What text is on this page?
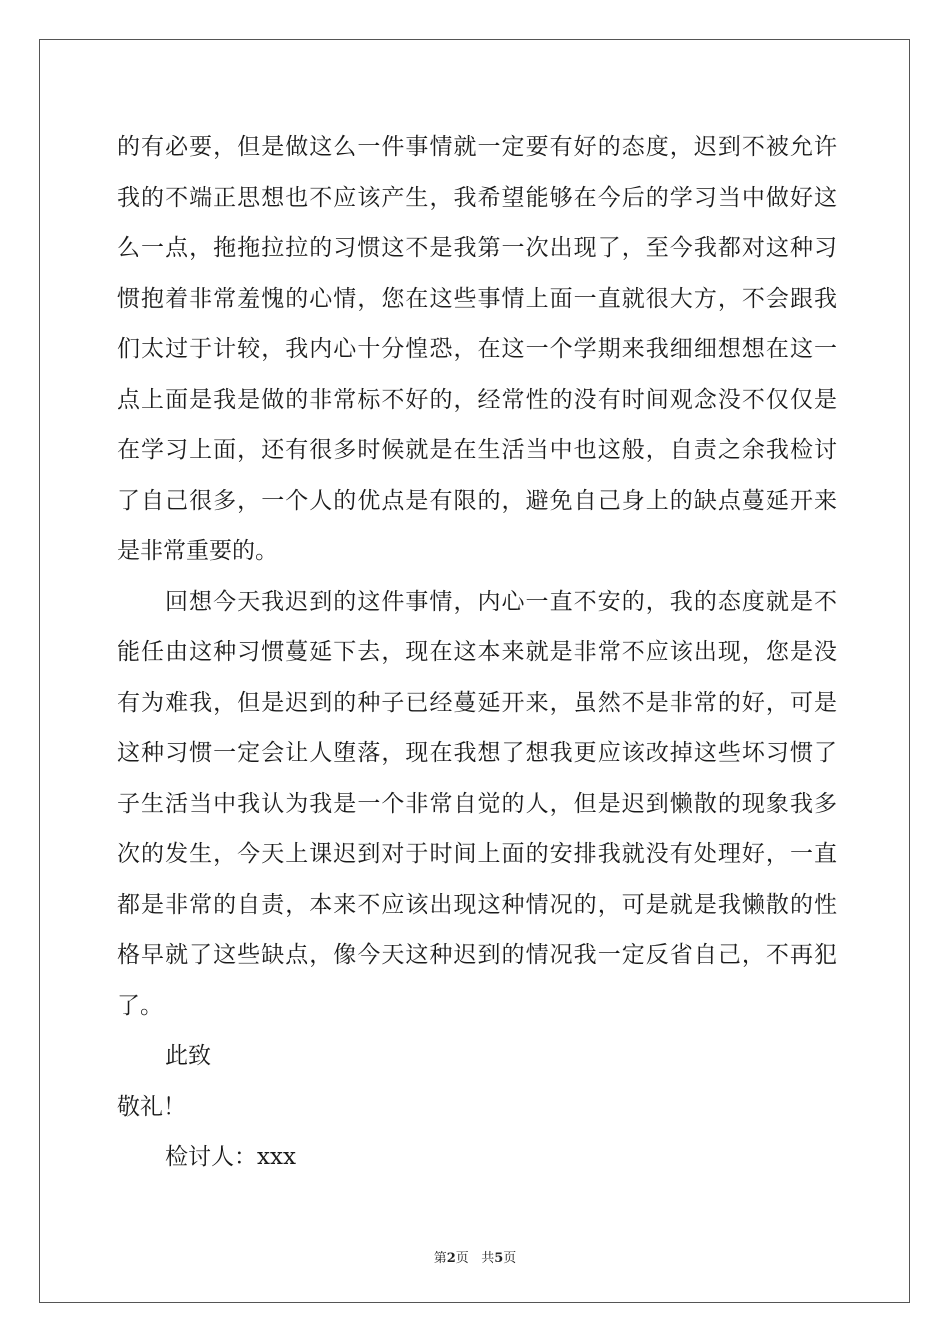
的有必要，但是做这么一件事情就一定要有好的态度，迟到不被允许
我的不端正思想也不应该产生，我希望能够在今后的学习当中做好这
么一点，拖拖拉拉的习惯这不是我第一次出现了，至今我都对这种习
惯抱着非常羞愧的心情，您在这些事情上面一直就很大方，不会跟我
们太过于计较，我内心十分惶恐，在这一个学期来我细细想想在这一
点上面是我是做的非常标不好的，经常性的没有时间观念没不仅仅是
在学习上面，还有很多时候就是在生活当中也这般，自责之余我检讨
了自己很多，一个人的优点是有限的，避免自己身上的缺点蔓延开来
是非常重要的。
回想今天我迟到的这件事情，内心一直不安的，我的态度就是不
能任由这种习惯蔓延下去，现在这本来就是非常不应该出现，您是没
有为难我，但是迟到的种子已经蔓延开来，虽然不是非常的好，可是
这种习惯一定会让人堕落，现在我想了想我更应该改掉这些坏习惯了
子生活当中我认为我是一个非常自觉的人，但是迟到懒散的现象我多
次的发生，今天上课迟到对于时间上面的安排我就没有处理好，一直
都是非常的自责，本来不应该出现这种情况的，可是就是我懒散的性
格早就了这些缺点，像今天这种迟到的情况我一定反省自己，不再犯
了。
此致
敬礼！
检讨人：xxx
第2页 共5页
